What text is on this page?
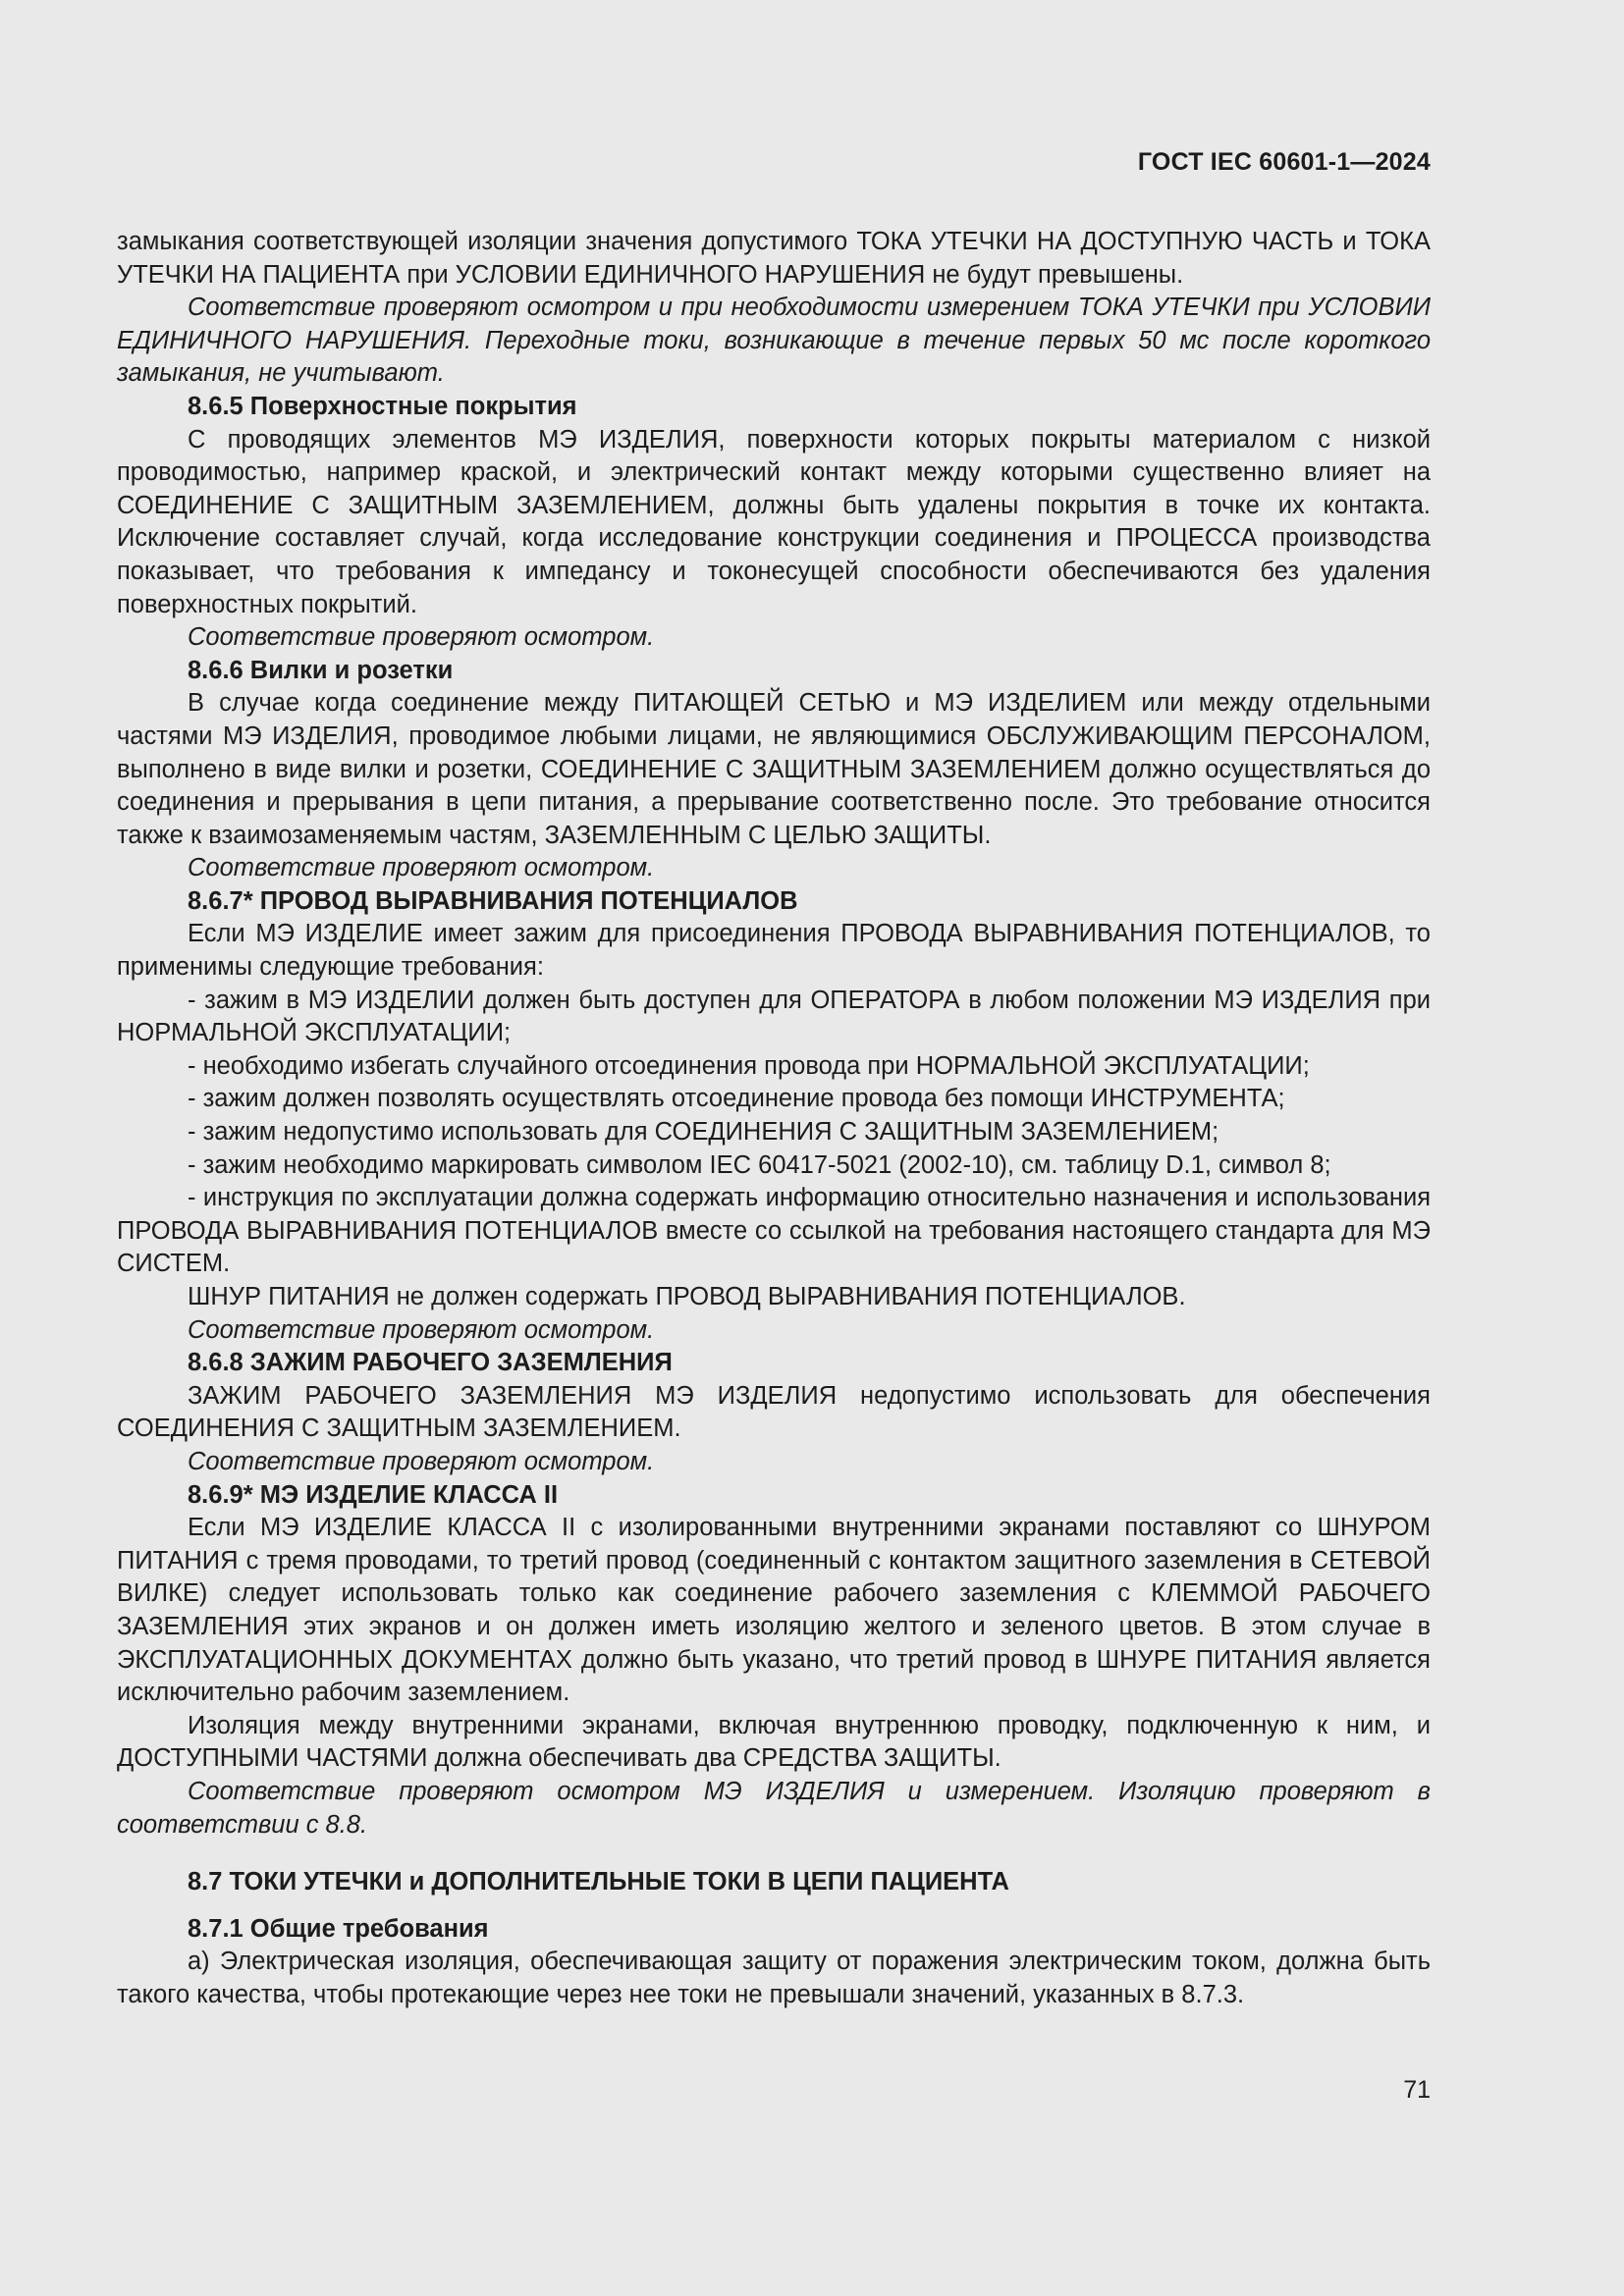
ГОСТ IEC 60601-1—2024

замыкания соответствующей изоляции значения допустимого ТОКА УТЕЧКИ НА ДОСТУПНУЮ ЧАСТЬ и ТОКА УТЕЧКИ НА ПАЦИЕНТА при УСЛОВИИ ЕДИНИЧНОГО НАРУШЕНИЯ не будут превышены.

Соответствие проверяют осмотром и при необходимости измерением ТОКА УТЕЧКИ при УСЛОВИИ ЕДИНИЧНОГО НАРУШЕНИЯ. Переходные токи, возникающие в течение первых 50 мс после короткого замыкания, не учитывают.

8.6.5 Поверхностные покрытия

С проводящих элементов МЭ ИЗДЕЛИЯ, поверхности которых покрыты материалом с низкой проводимостью, например краской, и электрический контакт между которыми существенно влияет на СОЕДИНЕНИЕ С ЗАЩИТНЫМ ЗАЗЕМЛЕНИЕМ, должны быть удалены покрытия в точке их контакта. Исключение составляет случай, когда исследование конструкции соединения и ПРОЦЕССА производства показывает, что требования к импедансу и токонесущей способности обеспечиваются без удаления поверхностных покрытий.

Соответствие проверяют осмотром.

8.6.6 Вилки и розетки

В случае когда соединение между ПИТАЮЩЕЙ СЕТЬЮ и МЭ ИЗДЕЛИЕМ или между отдельными частями МЭ ИЗДЕЛИЯ, проводимое любыми лицами, не являющимися ОБСЛУЖИВАЮЩИМ ПЕРСОНАЛОМ, выполнено в виде вилки и розетки, СОЕДИНЕНИЕ С ЗАЩИТНЫМ ЗАЗЕМЛЕНИЕМ должно осуществляться до соединения и прерывания в цепи питания, а прерывание соответственно после. Это требование относится также к взаимозаменяемым частям, ЗАЗЕМЛЕННЫМ С ЦЕЛЬЮ ЗАЩИТЫ.

Соответствие проверяют осмотром.

8.6.7* ПРОВОД ВЫРАВНИВАНИЯ ПОТЕНЦИАЛОВ

Если МЭ ИЗДЕЛИЕ имеет зажим для присоединения ПРОВОДА ВЫРАВНИВАНИЯ ПОТЕНЦИАЛОВ, то применимы следующие требования:

- зажим в МЭ ИЗДЕЛИИ должен быть доступен для ОПЕРАТОРА в любом положении МЭ ИЗДЕЛИЯ при НОРМАЛЬНОЙ ЭКСПЛУАТАЦИИ;

- необходимо избегать случайного отсоединения провода при НОРМАЛЬНОЙ ЭКСПЛУАТАЦИИ;

- зажим должен позволять осуществлять отсоединение провода без помощи ИНСТРУМЕНТА;

- зажим недопустимо использовать для СОЕДИНЕНИЯ С ЗАЩИТНЫМ ЗАЗЕМЛЕНИЕМ;

- зажим необходимо маркировать символом IEC 60417-5021 (2002-10), см. таблицу D.1, символ 8;

- инструкция по эксплуатации должна содержать информацию относительно назначения и использования ПРОВОДА ВЫРАВНИВАНИЯ ПОТЕНЦИАЛОВ вместе со ссылкой на требования настоящего стандарта для МЭ СИСТЕМ.

ШНУР ПИТАНИЯ не должен содержать ПРОВОД ВЫРАВНИВАНИЯ ПОТЕНЦИАЛОВ.

Соответствие проверяют осмотром.

8.6.8 ЗАЖИМ РАБОЧЕГО ЗАЗЕМЛЕНИЯ

ЗАЖИМ РАБОЧЕГО ЗАЗЕМЛЕНИЯ МЭ ИЗДЕЛИЯ недопустимо использовать для обеспечения СОЕДИНЕНИЯ С ЗАЩИТНЫМ ЗАЗЕМЛЕНИЕМ.

Соответствие проверяют осмотром.

8.6.9* МЭ ИЗДЕЛИЕ КЛАССА II

Если МЭ ИЗДЕЛИЕ КЛАССА II с изолированными внутренними экранами поставляют со ШНУРОМ ПИТАНИЯ с тремя проводами, то третий провод (соединенный с контактом защитного заземления в СЕТЕВОЙ ВИЛКЕ) следует использовать только как соединение рабочего заземления с КЛЕММОЙ РАБОЧЕГО ЗАЗЕМЛЕНИЯ этих экранов и он должен иметь изоляцию желтого и зеленого цветов. В этом случае в ЭКСПЛУАТАЦИОННЫХ ДОКУМЕНТАХ должно быть указано, что третий провод в ШНУРЕ ПИТАНИЯ является исключительно рабочим заземлением.

Изоляция между внутренними экранами, включая внутреннюю проводку, подключенную к ним, и ДОСТУПНЫМИ ЧАСТЯМИ должна обеспечивать два СРЕДСТВА ЗАЩИТЫ.

Соответствие проверяют осмотром МЭ ИЗДЕЛИЯ и измерением. Изоляцию проверяют в соответствии с 8.8.

8.7 ТОКИ УТЕЧКИ и ДОПОЛНИТЕЛЬНЫЕ ТОКИ В ЦЕПИ ПАЦИЕНТА

8.7.1 Общие требования

а) Электрическая изоляция, обеспечивающая защиту от поражения электрическим током, должна быть такого качества, чтобы протекающие через нее токи не превышали значений, указанных в 8.7.3.

71
